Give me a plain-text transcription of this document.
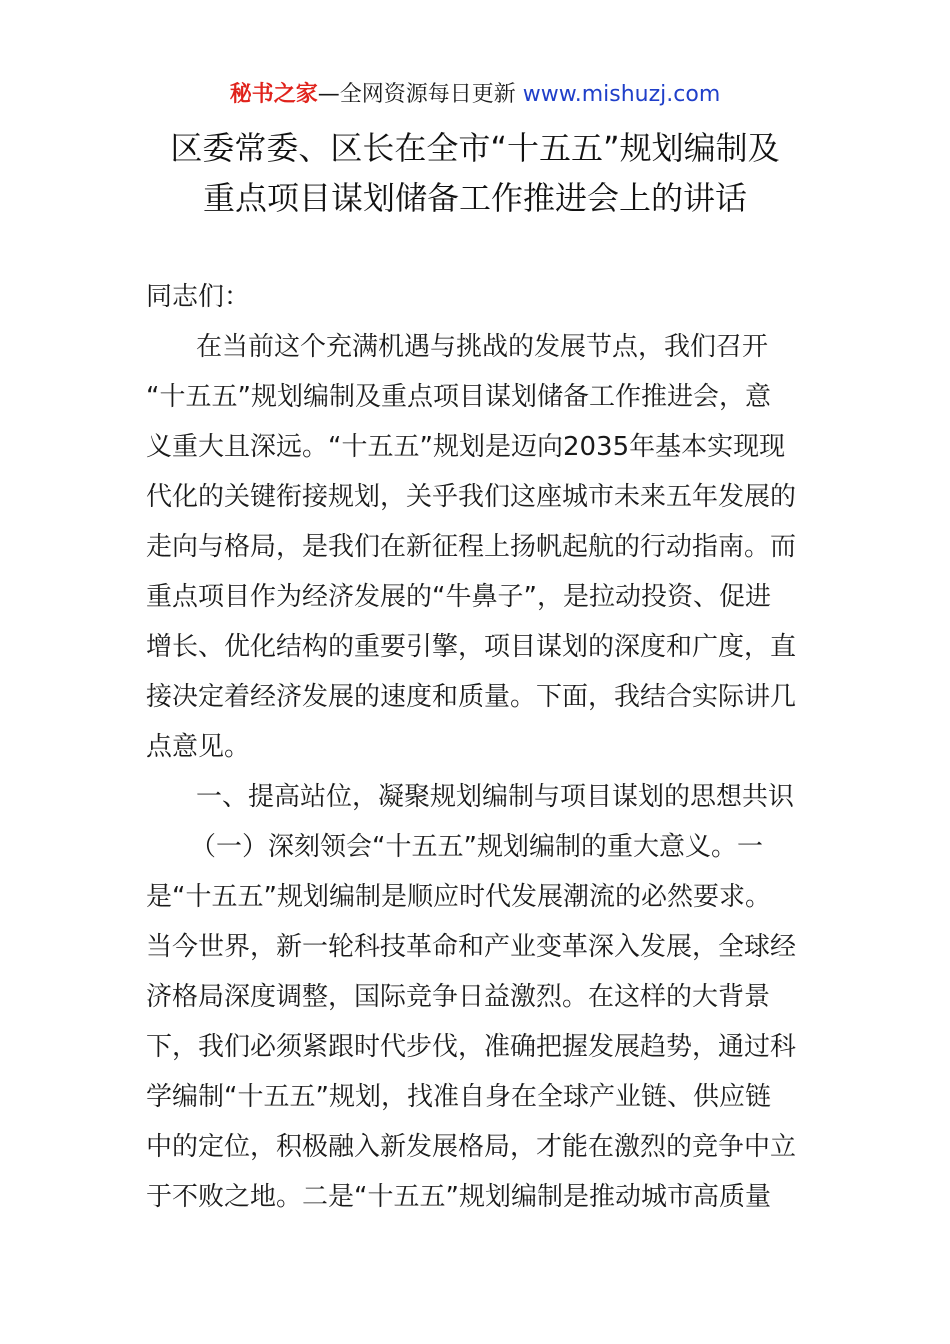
秘书之家—全网资源每日更新 www.mishuzj.com
区委常委、区长在全市“十五五”规划编制及
重点项目谋划储备工作推进会上的讲话
同志们：
在当前这个充满机遇与挑战的发展节点，我们召开
“十五五”规划编制及重点项目谋划储备工作推进会，意
义重大且深远。“十五五”规划是迈向2035年基本实现现
代化的关键衔接规划，关乎我们这座城市未来五年发展的
走向与格局，是我们在新征程上扬帆起航的行动指南。而
重点项目作为经济发展的“牛鼻子”，是拉动投资、促进
增长、优化结构的重要引擎，项目谋划的深度和广度，直
接决定着经济发展的速度和质量。下面，我结合实际讲几
点意见。
一、提高站位，凝聚规划编制与项目谋划的思想共识
（一）深刻领会“十五五”规划编制的重大意义。一
是“十五五”规划编制是顺应时代发展潮流的必然要求。
当今世界，新一轮科技革命和产业变革深入发展，全球经
济格局深度调整，国际竞争日益激烈。在这样的大背景
下，我们必须紧跟时代步伐，准确把握发展趋势，通过科
学编制“十五五”规划，找准自身在全球产业链、供应链
中的定位，积极融入新发展格局，才能在激烈的竞争中立
于不败之地。二是“十五五”规划编制是推动城市高质量
